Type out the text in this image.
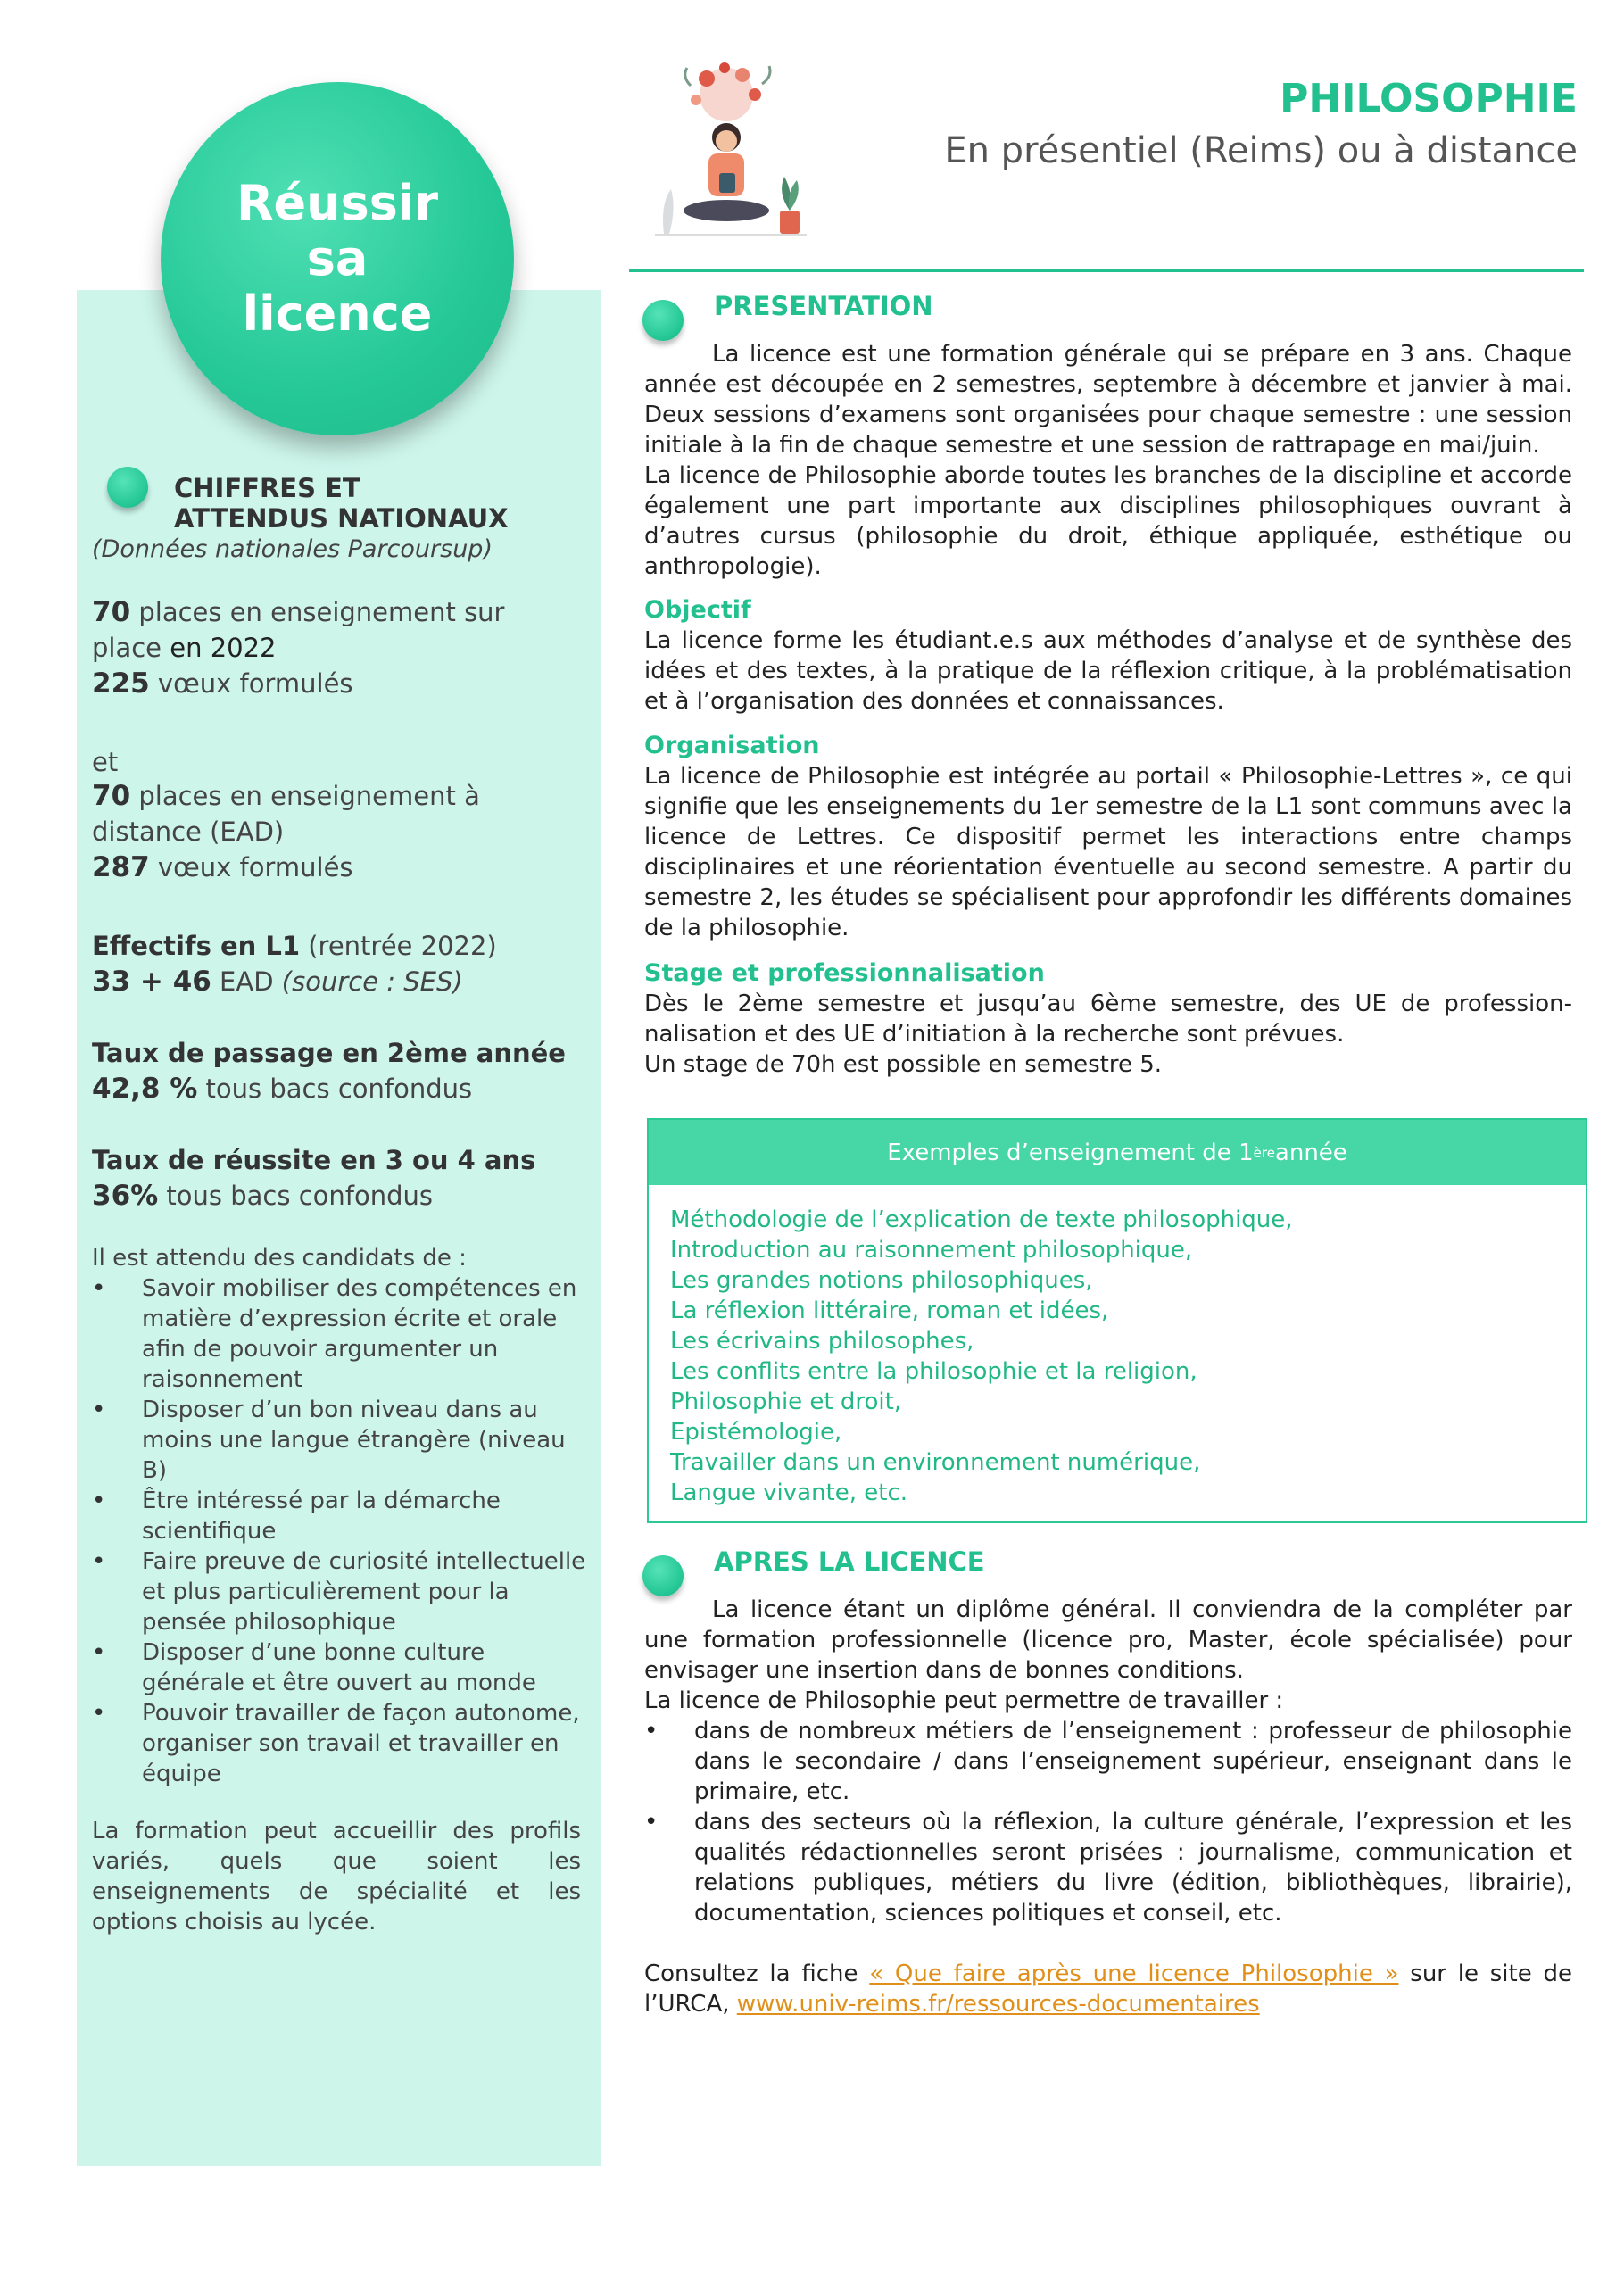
Réussir
sa
licence

CHIFFRES ET
ATTENDUS NATIONAUX
(Données nationales Parcoursup)
70 places en enseignement sur
place en 2022
225 vœux formulés
et
70 places en enseignement à
distance (EAD)
287 vœux formulés
Effectifs en L1 (rentrée 2022)
33 + 46 EAD (source : SES)
Taux de passage en 2ème année
42,8 % tous bacs confondus
Taux de réussite en 3 ou 4 ans
36% tous bacs confondus
Il est attendu des candidats de :
• Savoir mobiliser des compétences en matière d’expression écrite et orale afin de pouvoir argumenter un raisonnement
• Disposer d’un bon niveau dans au moins une langue étrangère (niveau B)
• Être intéressé par la démarche scientifique
• Faire preuve de curiosité intellectuelle et plus particulièrement pour la pensée philosophique
• Disposer d’une bonne culture générale et être ouvert au monde
• Pouvoir travailler de façon autonome, organiser son travail et travailler en équipe
La formation peut accueillir des profils variés, quels que soient les enseignements de spécialité et les options choisis au lycée.
PHILOSOPHIE
En présentiel (Reims) ou à distance
PRESENTATION

La licence est une formation générale qui se prépare en 3 ans. Chaque année est découpée en 2 semestres, septembre à décembre et janvier à mai. Deux sessions d’examens sont organisées pour chaque semestre : une session initiale à la fin de chaque semestre et une session de rattrapage en mai/juin.

La licence de Philosophie aborde toutes les branches de la discipline et accorde également une part importante aux disciplines philosophiques ouvrant à d’autres cursus (philosophie du droit, éthique appliquée, esthétique ou anthropologie).

Objectif

La licence forme les étudiant.e.s aux méthodes d’analyse et de synthèse des idées et des textes, à la pratique de la réflexion critique, à la problématisation et à l’organisation des données et connaissances.

Organisation

La licence de Philosophie est intégrée au portail « Philosophie-Lettres », ce qui signifie que les enseignements du 1er semestre de la L1 sont communs avec la licence de Lettres. Ce dispositif permet les interactions entre champs disciplinaires et une réorientation éventuelle au second semestre. A partir du semestre 2, les études se spécialisent pour approfondir les différents domaines de la philosophie.

Stage et professionnalisation

Dès le 2ème semestre et jusqu’au 6ème semestre, des UE de profession-nalisation et des UE d’initiation à la recherche sont prévues.

Un stage de 70h est possible en semestre 5.

Exemples d’enseignement de 1 ère année
Méthodologie de l’explication de texte philosophique,
Introduction au raisonnement philosophique,
Les grandes notions philosophiques,
La réflexion littéraire, roman et idées,
Les écrivains philosophes,
Les conflits entre la philosophie et la religion,
Philosophie et droit,
Epistémologie,
Travailler dans un environnement numérique,
Langue vivante, etc.
APRES LA LICENCE

La licence étant un diplôme général. Il conviendra de la compléter par une formation professionnelle (licence pro, Master, école spécialisée) pour envisager une insertion dans de bonnes conditions.

La licence de Philosophie peut permettre de travailler :

• dans de nombreux métiers de l’enseignement : professeur de philosophie dans le secondaire / dans l’enseignement supérieur, enseignant dans le primaire, etc.
• dans des secteurs où la réflexion, la culture générale, l’expression et les qualités rédactionnelles seront prisées : journalisme, communication et relations publiques, métiers du livre (édition, bibliothèques, librairie), documentation, sciences politiques et conseil, etc.

Consultez la fiche « Que faire après une licence Philosophie » sur le site de l’URCA, www.univ-reims.fr/ressources-documentaires
